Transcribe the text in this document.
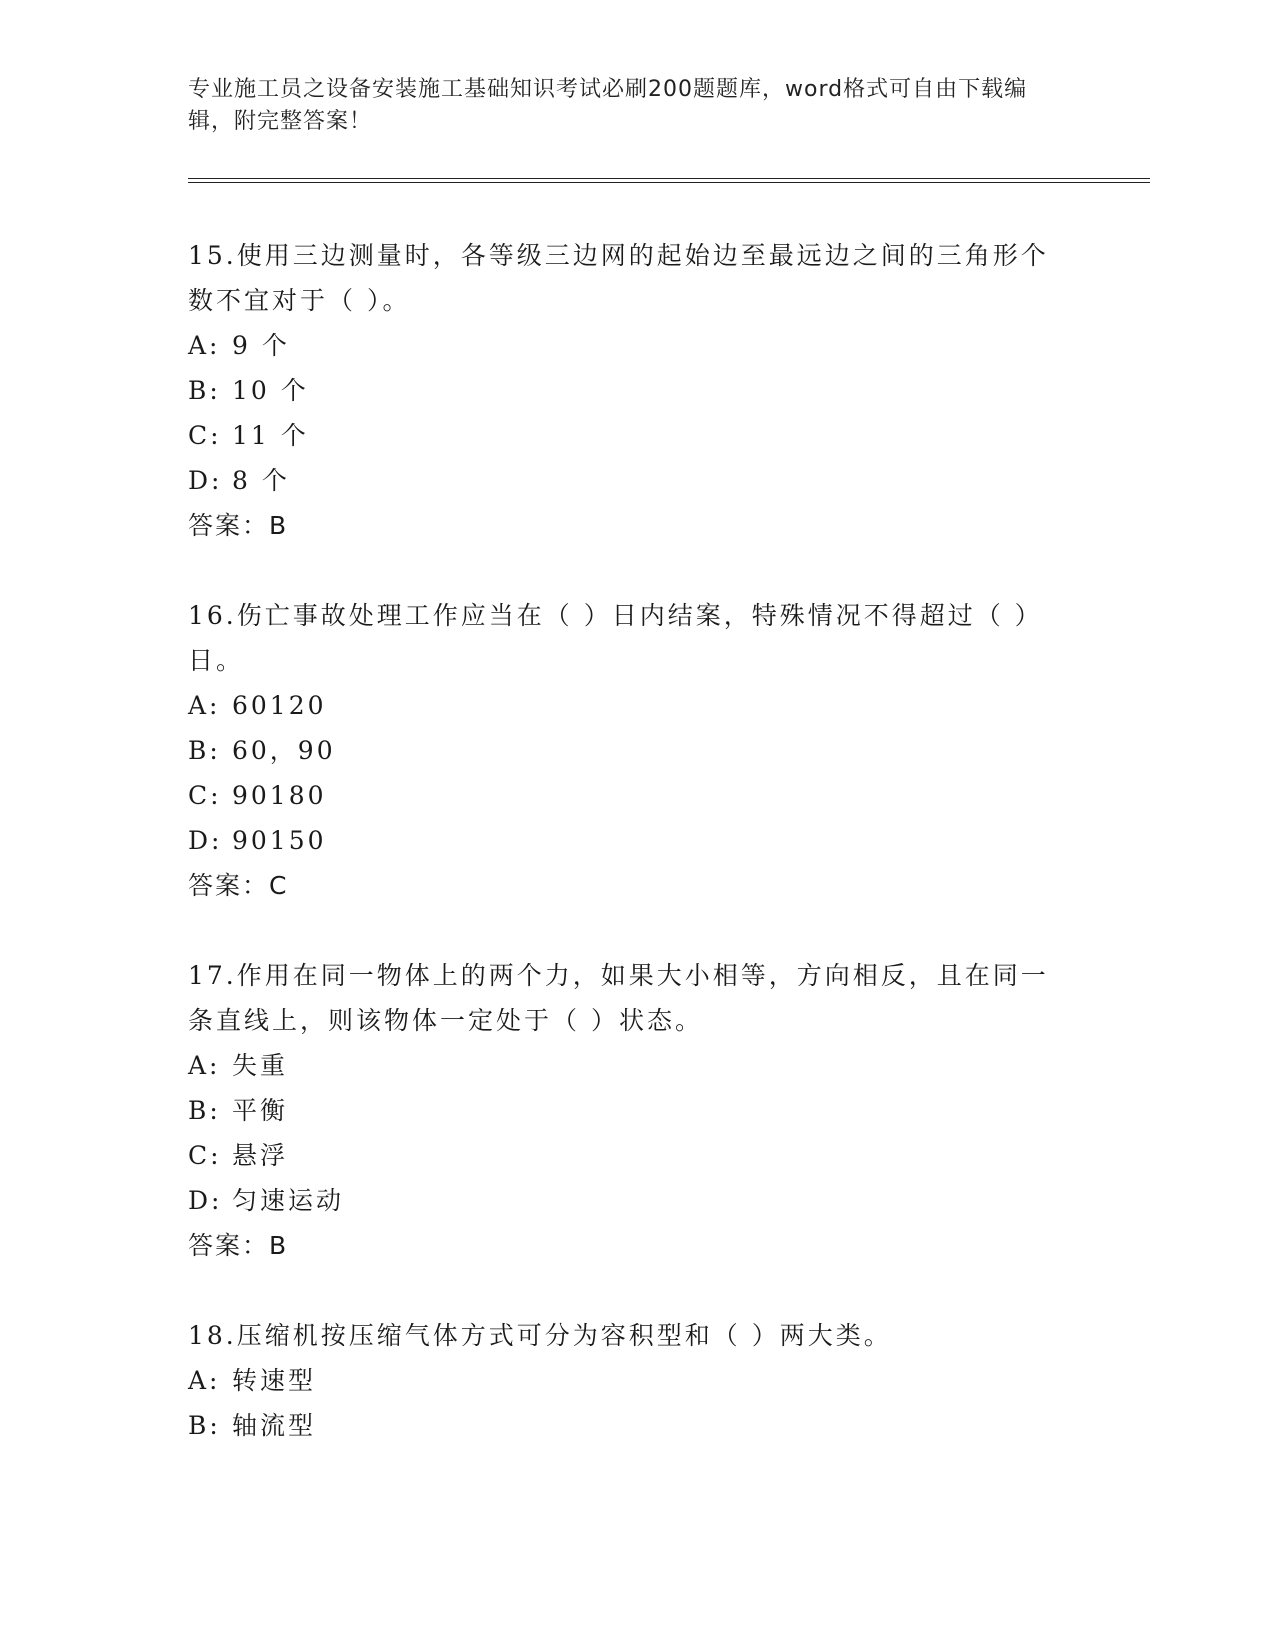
专业施工员之设备安装施工基础知识考试必刷200题题库，word格式可自由下载编辑，附完整答案！

15.使用三边测量时，各等级三边网的起始边至最远边之间的三角形个数不宜对于（ ）。

A: 9 个

B: 10 个

C: 11 个

D: 8 个

答案：B

16.伤亡事故处理工作应当在（ ）日内结案，特殊情况不得超过（ ）日。

A: 60120

B: 60，90

C: 90180

D: 90150

答案：C

17.作用在同一物体上的两个力，如果大小相等，方向相反，且在同一条直线上，则该物体一定处于（ ）状态。

A: 失重

B: 平衡

C: 悬浮

D: 匀速运动

答案：B

18.压缩机按压缩气体方式可分为容积型和（ ）两大类。

A: 转速型

B: 轴流型
